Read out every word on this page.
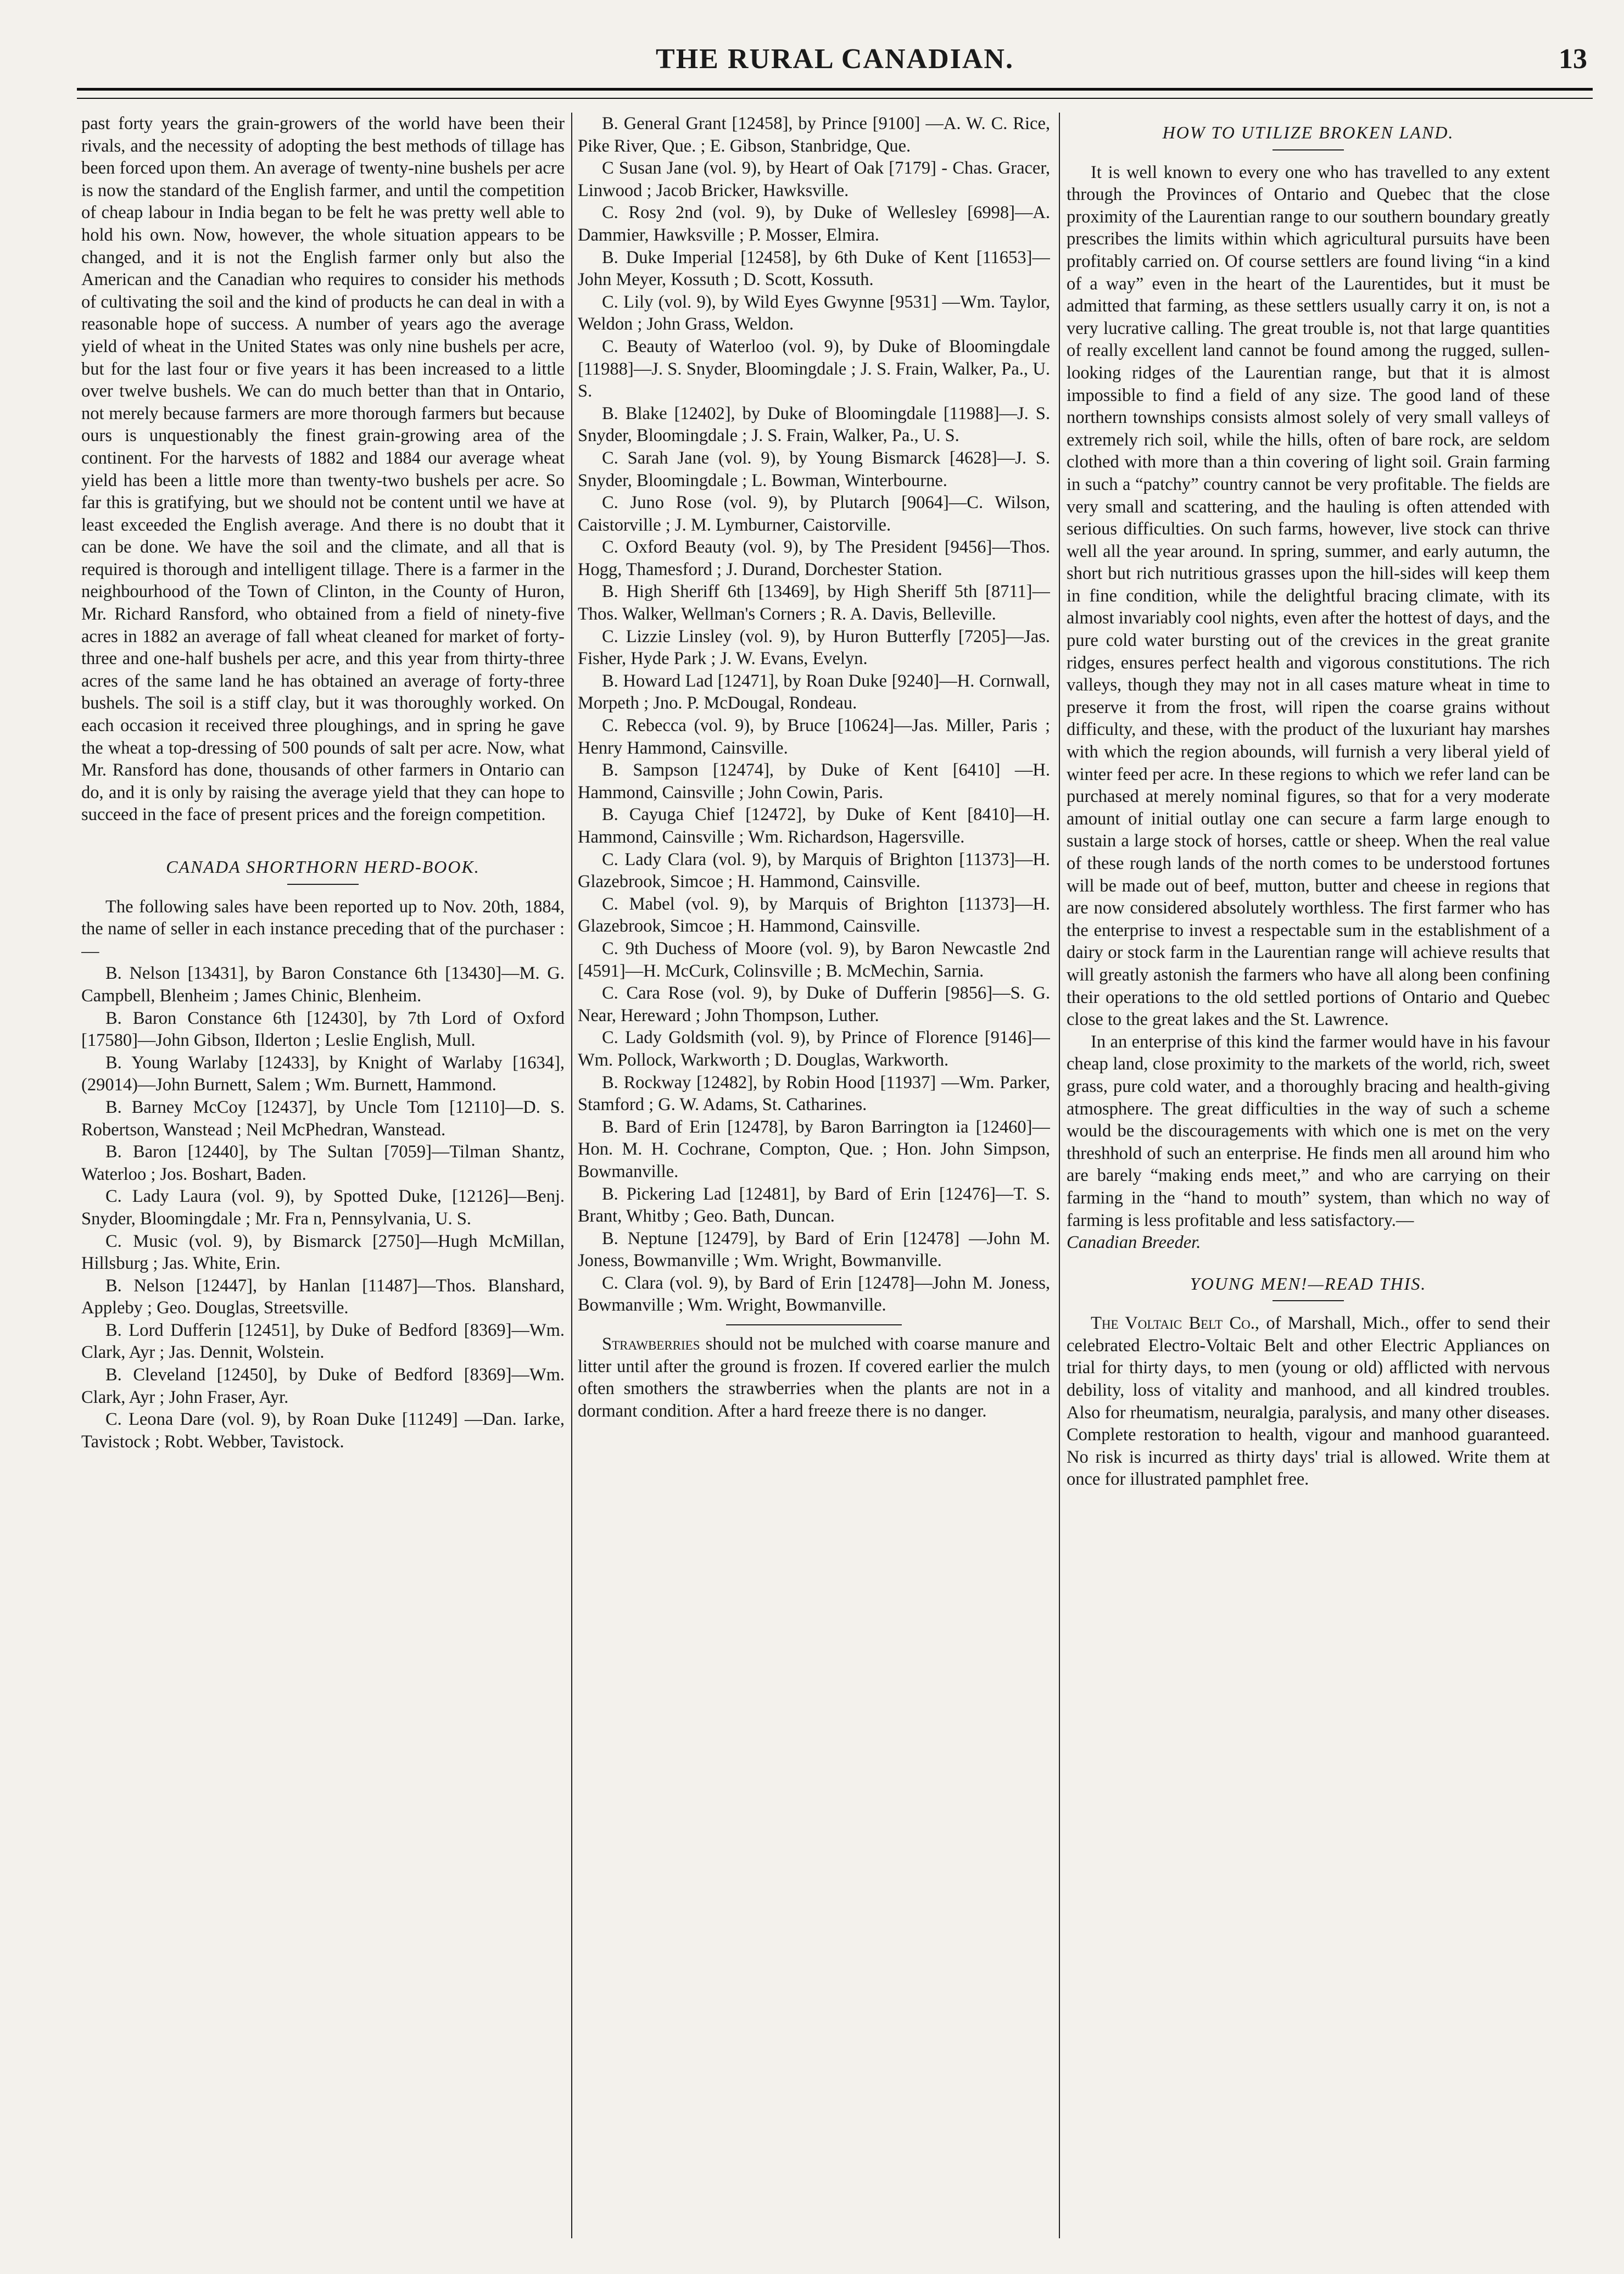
THE RURAL CANADIAN.	13

past forty years the grain-growers of the world have been their rivals, and the necessity of adopting the best methods of tillage has been forced upon them. An average of twenty-nine bushels per acre is now the standard of the English farmer, and until the competition of cheap labour in India began to be felt he was pretty well able to hold his own. Now, however, the whole situation appears to be changed, and it is not the English farmer only but also the American and the Canadian who requires to consider his methods of cultivating the soil and the kind of products he can deal in with a reasonable hope of success. A number of years ago the average yield of wheat in the United States was only nine bushels per acre, but for the last four or five years it has been increased to a little over twelve bushels. We can do much better than that in Ontario, not merely because farmers are more thorough farmers but because ours is unquestionably the finest grain-growing area of the continent. For the harvests of 1882 and 1884 our average wheat yield has been a little more than twenty-two bushels per acre. So far this is gratifying, but we should not be content until we have at least exceeded the English average. And there is no doubt that it can be done. We have the soil and the climate, and all that is required is thorough and intelligent tillage. There is a farmer in the neighbourhood of the Town of Clinton, in the County of Huron, Mr. Richard Ransford, who obtained from a field of ninety-five acres in 1882 an average of fall wheat cleaned for market of forty-three and one-half bushels per acre, and this year from thirty-three acres of the same land he has obtained an average of forty-three bushels. The soil is a stiff clay, but it was thoroughly worked. On each occasion it received three ploughings, and in spring he gave the wheat a top-dressing of 500 pounds of salt per acre. Now, what Mr. Ransford has done, thousands of other farmers in Ontario can do, and it is only by raising the average yield that they can hope to succeed in the face of present prices and the foreign competition.

CANADA SHORTHORN HERD-BOOK.

The following sales have been reported up to Nov. 20th, 1884, the name of seller in each instance preceding that of the purchaser :—

B. Nelson [13431], by Baron Constance 6th [13430]—M. G. Campbell, Blenheim ; James Chinic, Blenheim.

B. Baron Constance 6th [12430], by 7th Lord of Oxford [17580]—John Gibson, Ilderton ; Leslie English, Mull.

B. Young Warlaby [12433], by Knight of Warlaby [1634], (29014)—John Burnett, Salem ; Wm. Burnett, Hammond.

B. Barney McCoy [12437], by Uncle Tom [12110]—D. S. Robertson, Wanstead ; Neil McPhedran, Wanstead.

B. Baron [12440], by The Sultan [7059]—Tilman Shantz, Waterloo ; Jos. Boshart, Baden.

C. Lady Laura (vol. 9), by Spotted Duke, [12126]—Benj. Snyder, Bloomingdale ; Mr. Fra n, Pennsylvania, U. S.

C. Music (vol. 9), by Bismarck [2750]—Hugh McMillan, Hillsburg ; Jas. White, Erin.

B. Nelson [12447], by Hanlan [11487]—Thos. Blanshard, Appleby ; Geo. Douglas, Streetsville.

B. Lord Dufferin [12451], by Duke of Bedford [8369]—Wm. Clark, Ayr ; Jas. Dennit, Wolstein.

B. Cleveland [12450], by Duke of Bedford [8369]—Wm. Clark, Ayr ; John Fraser, Ayr.

C. Leona Dare (vol. 9), by Roan Duke [11249] —Dan. Iarke, Tavistock ; Robt. Webber, Tavistock.

B. General Grant [12458], by Prince [9100] —A. W. C. Rice, Pike River, Que. ; E. Gibson, Stanbridge, Que.

C Susan Jane (vol. 9), by Heart of Oak [7179] - Chas. Gracer, Linwood ; Jacob Bricker, Hawksville.

C. Rosy 2nd (vol. 9), by Duke of Wellesley [6998]—A. Dammier, Hawksville ; P. Mosser, Elmira.

B. Duke Imperial [12458], by 6th Duke of Kent [11653]—John Meyer, Kossuth ; D. Scott, Kossuth.

C. Lily (vol. 9), by Wild Eyes Gwynne [9531] —Wm. Taylor, Weldon ; John Grass, Weldon.

C. Beauty of Waterloo (vol. 9), by Duke of Bloomingdale [11988]—J. S. Snyder, Bloomingdale ; J. S. Frain, Walker, Pa., U. S.

B. Blake [12402], by Duke of Bloomingdale [11988]—J. S. Snyder, Bloomingdale ; J. S. Frain, Walker, Pa., U. S.

C. Sarah Jane (vol. 9), by Young Bismarck [4628]—J. S. Snyder, Bloomingdale ; L. Bowman, Winterbourne.

C. Juno Rose (vol. 9), by Plutarch [9064]—C. Wilson, Caistorville ; J. M. Lymburner, Caistorville.

C. Oxford Beauty (vol. 9), by The President [9456]—Thos. Hogg, Thamesford ; J. Durand, Dorchester Station.

B. High Sheriff 6th [13469], by High Sheriff 5th [8711]—Thos. Walker, Wellman's Corners ; R. A. Davis, Belleville.

C. Lizzie Linsley (vol. 9), by Huron Butterfly [7205]—Jas. Fisher, Hyde Park ; J. W. Evans, Evelyn.

B. Howard Lad [12471], by Roan Duke [9240]—H. Cornwall, Morpeth ; Jno. P. McDougal, Rondeau.

C. Rebecca (vol. 9), by Bruce [10624]—Jas. Miller, Paris ; Henry Hammond, Cainsville.

B. Sampson [12474], by Duke of Kent [6410] —H. Hammond, Cainsville ; John Cowin, Paris.

B. Cayuga Chief [12472], by Duke of Kent [8410]—H. Hammond, Cainsville ; Wm. Richardson, Hagersville.

C. Lady Clara (vol. 9), by Marquis of Brighton [11373]—H. Glazebrook, Simcoe ; H. Hammond, Cainsville.

C. Mabel (vol. 9), by Marquis of Brighton [11373]—H. Glazebrook, Simcoe ; H. Hammond, Cainsville.

C. 9th Duchess of Moore (vol. 9), by Baron Newcastle 2nd [4591]—H. McCurk, Colinsville ; B. McMechin, Sarnia.

C. Cara Rose (vol. 9), by Duke of Dufferin [9856]—S. G. Near, Hereward ; John Thompson, Luther.

C. Lady Goldsmith (vol. 9), by Prince of Florence [9146]—Wm. Pollock, Warkworth ; D. Douglas, Warkworth.

B. Rockway [12482], by Robin Hood [11937] —Wm. Parker, Stamford ; G. W. Adams, St. Catharines.

B. Bard of Erin [12478], by Baron Barrington ia [12460]—Hon. M. H. Cochrane, Compton, Que. ; Hon. John Simpson, Bowmanville.

B. Pickering Lad [12481], by Bard of Erin [12476]—T. S. Brant, Whitby ; Geo. Bath, Duncan.

B. Neptune [12479], by Bard of Erin [12478] —John M. Joness, Bowmanville ; Wm. Wright, Bowmanville.

C. Clara (vol. 9), by Bard of Erin [12478]—John M. Joness, Bowmanville ; Wm. Wright, Bowmanville.

Strawberries should not be mulched with coarse manure and litter until after the ground is frozen. If covered earlier the mulch often smothers the strawberries when the plants are not in a dormant condition. After a hard freeze there is no danger.

HOW TO UTILIZE BROKEN LAND.

It is well known to every one who has travelled to any extent through the Provinces of Ontario and Quebec that the close proximity of the Laurentian range to our southern boundary greatly prescribes the limits within which agricultural pursuits have been profitably carried on. Of course settlers are found living “in a kind of a way” even in the heart of the Laurentides, but it must be admitted that farming, as these settlers usually carry it on, is not a very lucrative calling. The great trouble is, not that large quantities of really excellent land cannot be found among the rugged, sullen-looking ridges of the Laurentian range, but that it is almost impossible to find a field of any size. The good land of these northern townships consists almost solely of very small valleys of extremely rich soil, while the hills, often of bare rock, are seldom clothed with more than a thin covering of light soil. Grain farming in such a “patchy” country cannot be very profitable. The fields are very small and scattering, and the hauling is often attended with serious difficulties. On such farms, however, live stock can thrive well all the year around. In spring, summer, and early autumn, the short but rich nutritious grasses upon the hill-sides will keep them in fine condition, while the delightful bracing climate, with its almost invariably cool nights, even after the hottest of days, and the pure cold water bursting out of the crevices in the great granite ridges, ensures perfect health and vigorous constitutions. The rich valleys, though they may not in all cases mature wheat in time to preserve it from the frost, will ripen the coarse grains without difficulty, and these, with the product of the luxuriant hay marshes with which the region abounds, will furnish a very liberal yield of winter feed per acre. In these regions to which we refer land can be purchased at merely nominal figures, so that for a very moderate amount of initial outlay one can secure a farm large enough to sustain a large stock of horses, cattle or sheep. When the real value of these rough lands of the north comes to be understood fortunes will be made out of beef, mutton, butter and cheese in regions that are now considered absolutely worthless. The first farmer who has the enterprise to invest a respectable sum in the establishment of a dairy or stock farm in the Laurentian range will achieve results that will greatly astonish the farmers who have all along been confining their operations to the old settled portions of Ontario and Quebec close to the great lakes and the St. Lawrence.

In an enterprise of this kind the farmer would have in his favour cheap land, close proximity to the markets of the world, rich, sweet grass, pure cold water, and a thoroughly bracing and health-giving atmosphere. The great difficulties in the way of such a scheme would be the discouragements with which one is met on the very threshhold of such an enterprise. He finds men all around him who are barely “making ends meet,” and who are carrying on their farming in the “hand to mouth” system, than which no way of farming is less profitable and less satisfactory.—

Canadian Breeder.

YOUNG MEN!—READ THIS.

The Voltaic Belt Co., of Marshall, Mich., offer to send their celebrated Electro-Voltaic Belt and other Electric Appliances on trial for thirty days, to men (young or old) afflicted with nervous debility, loss of vitality and manhood, and all kindred troubles. Also for rheumatism, neuralgia, paralysis, and many other diseases. Complete restoration to health, vigour and manhood guaranteed. No risk is incurred as thirty days' trial is allowed. Write them at once for illustrated pamphlet free.
